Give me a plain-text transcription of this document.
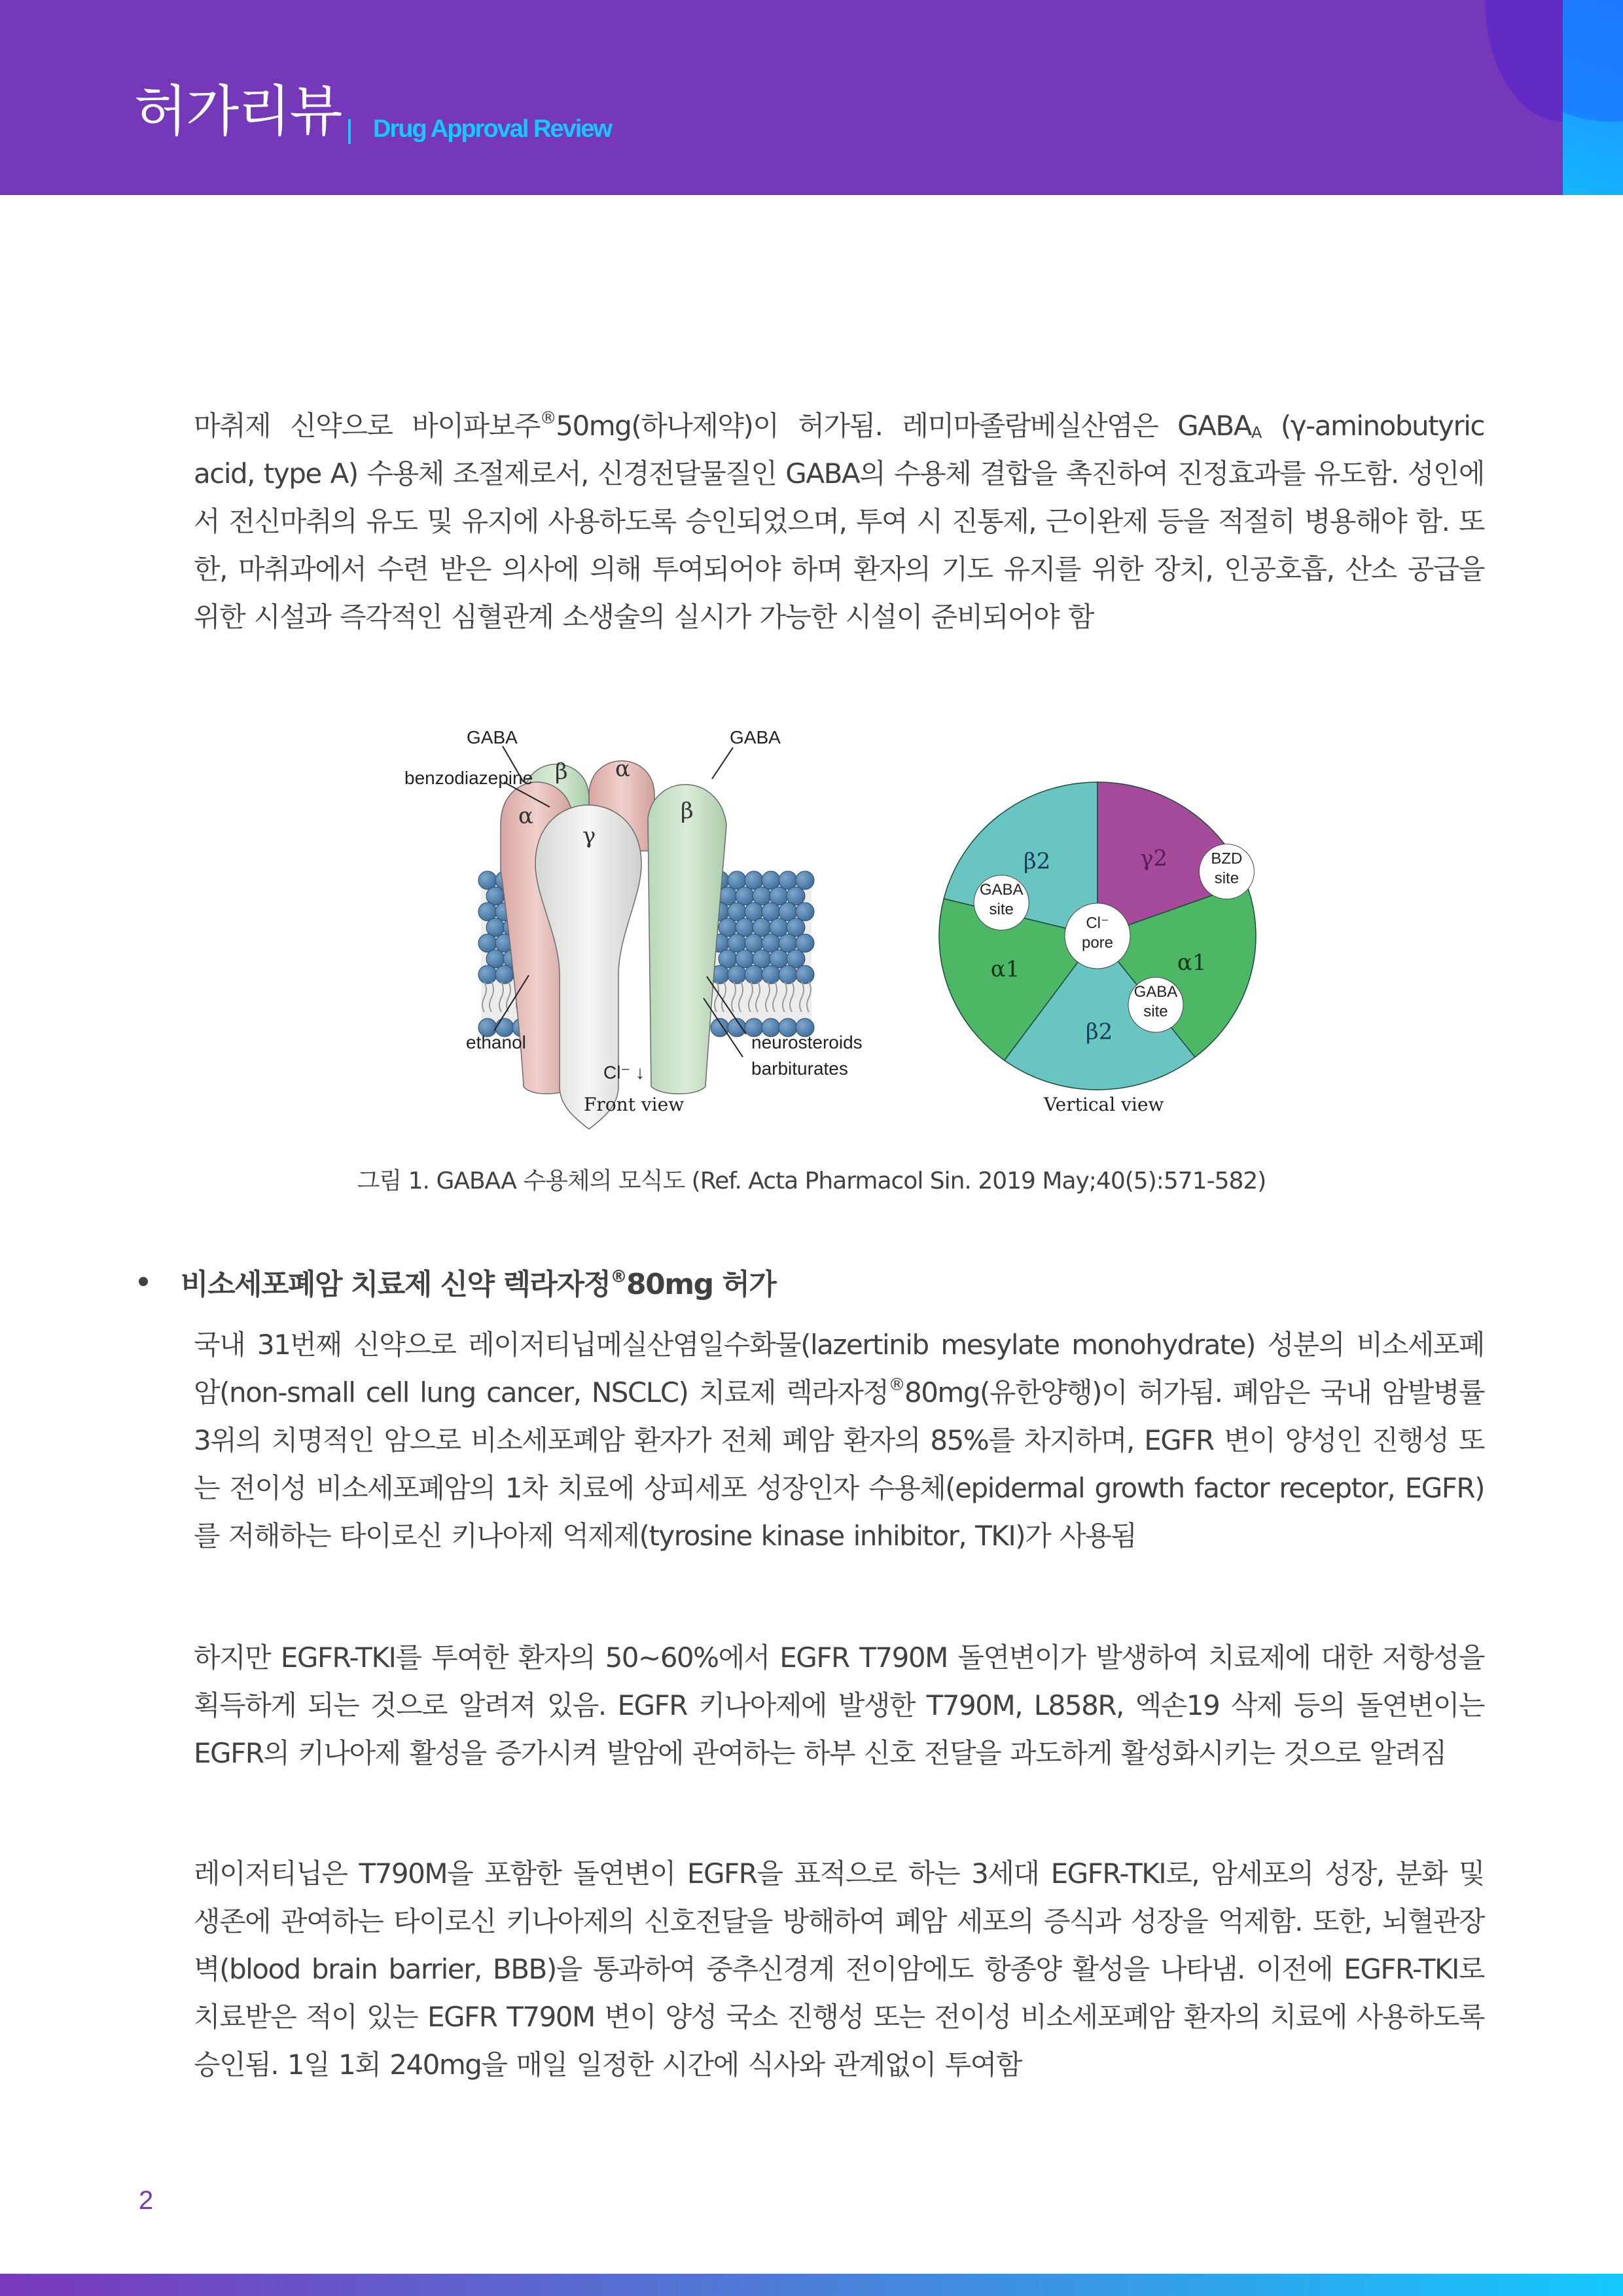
허가리뷰 Drug Approval Review
마취제 신약으로 바이파보주®50mg(하나제약)이 허가됨. 레미마졸람베실산염은 $GABA_A$ (γ-aminobutyric acid, type A) 수용체 조절제로서, 신경전달물질인 GABA의 수용체 결합을 촉진하여 진정효과를 유도함. 성인에서 전신마취의 유도 및 유지에 사용하도록 승인되었으며, 투여 시 진통제, 근이완제 등을 적절히 병용해야 함. 또한, 마취과에서 수련 받은 의사에 의해 투여되어야 하며 환자의 기도 유지를 위한 장치, 인공호흡, 산소 공급을 위한 시설과 즉각적인 심혈관계 소생술의 실시가 가능한 시설이 준비되어야 함
β α
α
γ
β
GABA	GABA
benzodiazepine
ethanol	neurosteroids
barbiturates
Cl⁻ ↓
Front view
β2	γ2
α1
β2
α1
Cl⁻
pore
GABA
site
GABA
site
BZD
site
Vertical view
그림 1. GABAA 수용체의 모식도 (Ref. Acta Pharmacol Sin. 2019 May;40(5):571-582)
비소세포폐암 치료제 신약 렉라자정®80mg 허가
국내 31번째 신약으로 레이저티닙메실산염일수화물(lazertinib mesylate monohydrate) 성분의 비소세포폐암(non-small cell lung cancer, NSCLC) 치료제 렉라자정®80mg(유한양행)이 허가됨. 폐암은 국내 암발병률 3위의 치명적인 암으로 비소세포폐암 환자가 전체 폐암 환자의 85%를 차지하며, EGFR 변이 양성인 진행성 또는 전이성 비소세포폐암의 1차 치료에 상피세포 성장인자 수용체(epidermal growth factor receptor, EGFR)를 저해하는 타이로신 키나아제 억제제(tyrosine kinase inhibitor, TKI)가 사용됨
하지만 EGFR-TKI를 투여한 환자의 50~60%에서 EGFR T790M 돌연변이가 발생하여 치료제에 대한 저항성을 획득하게 되는 것으로 알려져 있음. EGFR 키나아제에 발생한 T790M, L858R, 엑손19 삭제 등의 돌연변이는 EGFR의 키나아제 활성을 증가시켜 발암에 관여하는 하부 신호 전달을 과도하게 활성화시키는 것으로 알려짐
레이저티닙은 T790M을 포함한 돌연변이 EGFR을 표적으로 하는 3세대 EGFR-TKI로, 암세포의 성장, 분화 및 생존에 관여하는 타이로신 키나아제의 신호전달을 방해하여 폐암 세포의 증식과 성장을 억제함. 또한, 뇌혈관장벽(blood brain barrier, BBB)을 통과하여 중추신경계 전이암에도 항종양 활성을 나타냄. 이전에 EGFR-TKI로 치료받은 적이 있는 EGFR T790M 변이 양성 국소 진행성 또는 전이성 비소세포폐암 환자의 치료에 사용하도록 승인됨. 1일 1회 240mg을 매일 일정한 시간에 식사와 관계없이 투여함
2
